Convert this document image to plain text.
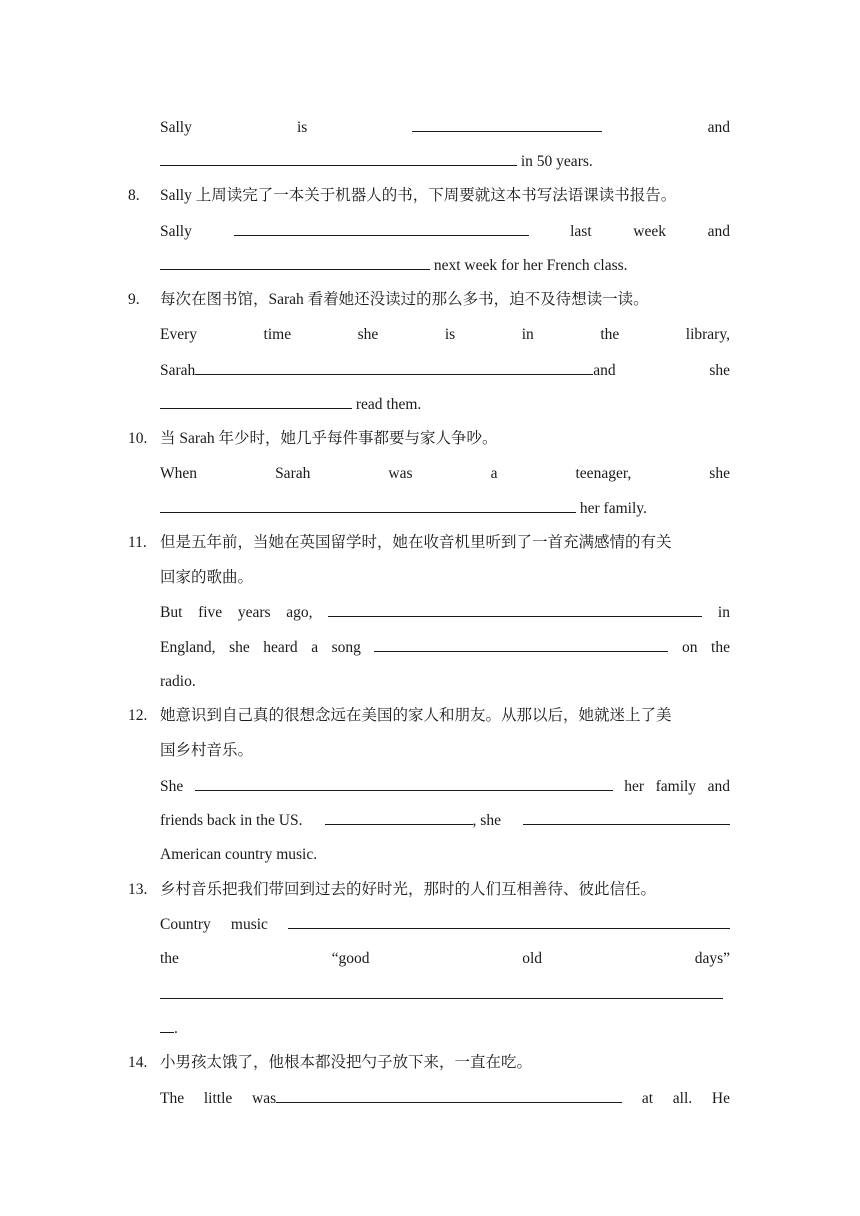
Sally	is	and
in 50 years.
8.	Sally 上周读完了一本关于机器人的书，下周要就这本书写法语课读书报告。
Sally	last	week	and
next week for her French class.
9.	每次在图书馆，Sarah 看着她还没读过的那么多书，迫不及待想读一读。
Every	time	she	is	in	the	library,
Sarah	and	she
read them.
10. 当 Sarah 年少时，她几乎每件事都要与家人争吵。
When	Sarah	was	a	teenager,	she
her family.
11. 但是五年前，当她在英国留学时，她在收音机里听到了一首充满感情的有关
回家的歌曲。
But five years ago,	in
England, she heard a song	on the
radio.
12. 她意识到自己真的很想念远在美国的家人和朋友。从那以后，她就迷上了美
国乡村音乐。
She	her family and
friends back in the US.	, she
American country music.
13. 乡村音乐把我们带回到过去的好时光，那时的人们互相善待、彼此信任。
Country music
the	“good	old	days”
.
14. 小男孩太饿了，他根本都没把勺子放下来，一直在吃。
The little was	at all. He
